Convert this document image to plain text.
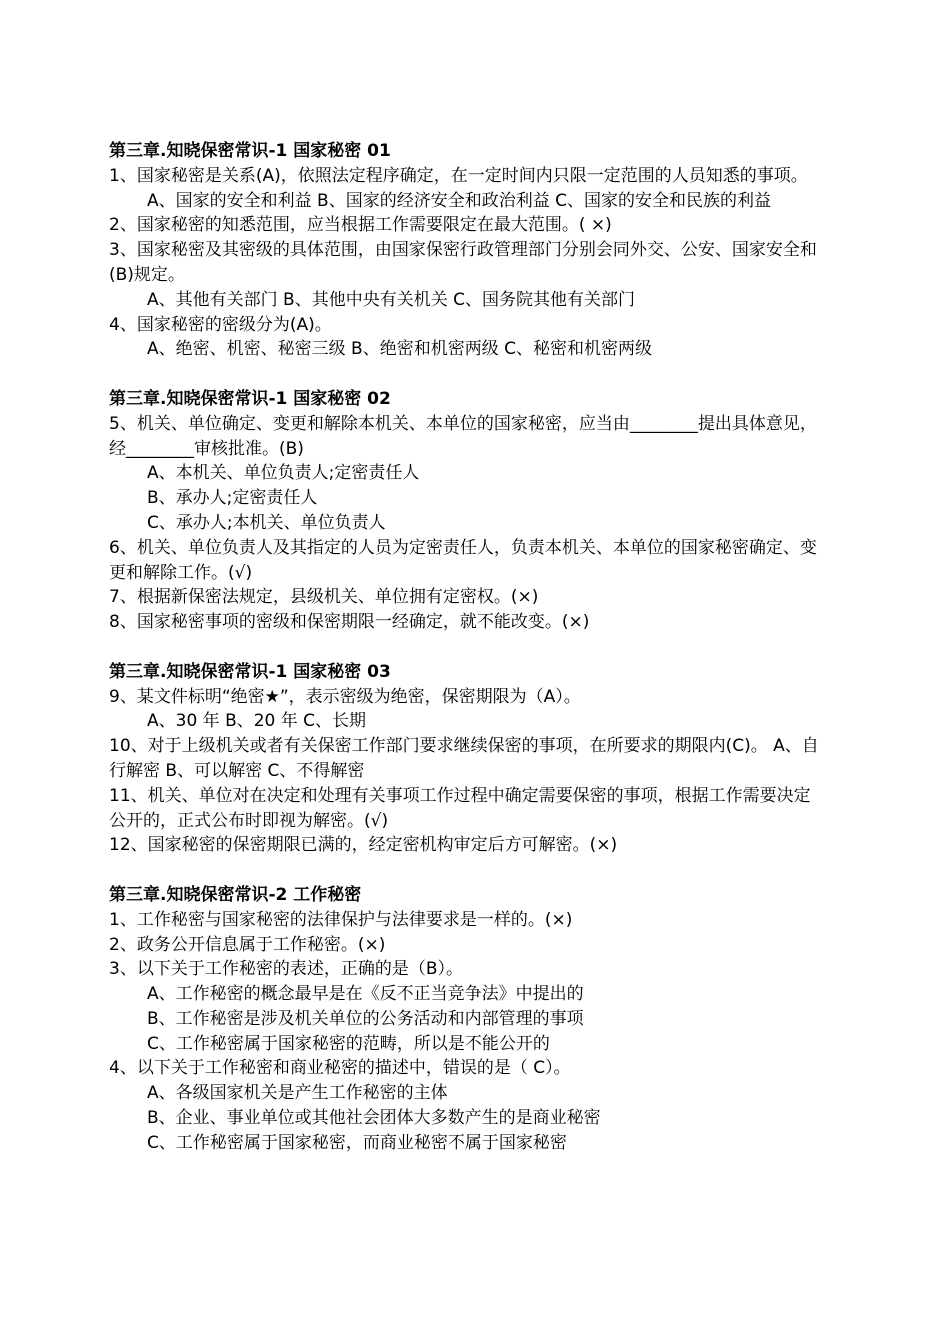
第三章.知晓保密常识-1 国家秘密 01

1、国家秘密是关系(A)，依照法定程序确定，在一定时间内只限一定范围的人员知悉的事项。

A、国家的安全和利益 B、国家的经济安全和政治利益 C、国家的安全和民族的利益

2、国家秘密的知悉范围，应当根据工作需要限定在最大范围。( ×)

3、国家秘密及其密级的具体范围，由国家保密行政管理部门分别会同外交、公安、国家安全和(B)规定。

A、其他有关部门 B、其他中央有关机关 C、国务院其他有关部门

4、国家秘密的密级分为(A)。

A、绝密、机密、秘密三级 B、绝密和机密两级 C、秘密和机密两级

第三章.知晓保密常识-1 国家秘密 02

5、机关、单位确定、变更和解除本机关、本单位的国家秘密，应当由________提出具体意见，经________审核批准。(B)

A、本机关、单位负责人;定密责任人

B、承办人;定密责任人

C、承办人;本机关、单位负责人

6、机关、单位负责人及其指定的人员为定密责任人，负责本机关、本单位的国家秘密确定、变更和解除工作。(√)

7、根据新保密法规定，县级机关、单位拥有定密权。(×)

8、国家秘密事项的密级和保密期限一经确定，就不能改变。(×)

第三章.知晓保密常识-1 国家秘密 03

9、某文件标明“绝密★”，表示密级为绝密，保密期限为（A）。

A、30 年 B、20 年 C、长期

10、对于上级机关或者有关保密工作部门要求继续保密的事项，在所要求的期限内(C)。 A、自行解密 B、可以解密 C、不得解密

11、机关、单位对在决定和处理有关事项工作过程中确定需要保密的事项，根据工作需要决定公开的，正式公布时即视为解密。(√)

12、国家秘密的保密期限已满的，经定密机构审定后方可解密。(×)

第三章.知晓保密常识-2 工作秘密

1、工作秘密与国家秘密的法律保护与法律要求是一样的。(×)

2、政务公开信息属于工作秘密。(×)

3、以下关于工作秘密的表述，正确的是（B）。

A、工作秘密的概念最早是在《反不正当竞争法》中提出的

B、工作秘密是涉及机关单位的公务活动和内部管理的事项

C、工作秘密属于国家秘密的范畴，所以是不能公开的

4、以下关于工作秘密和商业秘密的描述中，错误的是（ C）。

A、各级国家机关是产生工作秘密的主体

B、企业、事业单位或其他社会团体大多数产生的是商业秘密

C、工作秘密属于国家秘密，而商业秘密不属于国家秘密
